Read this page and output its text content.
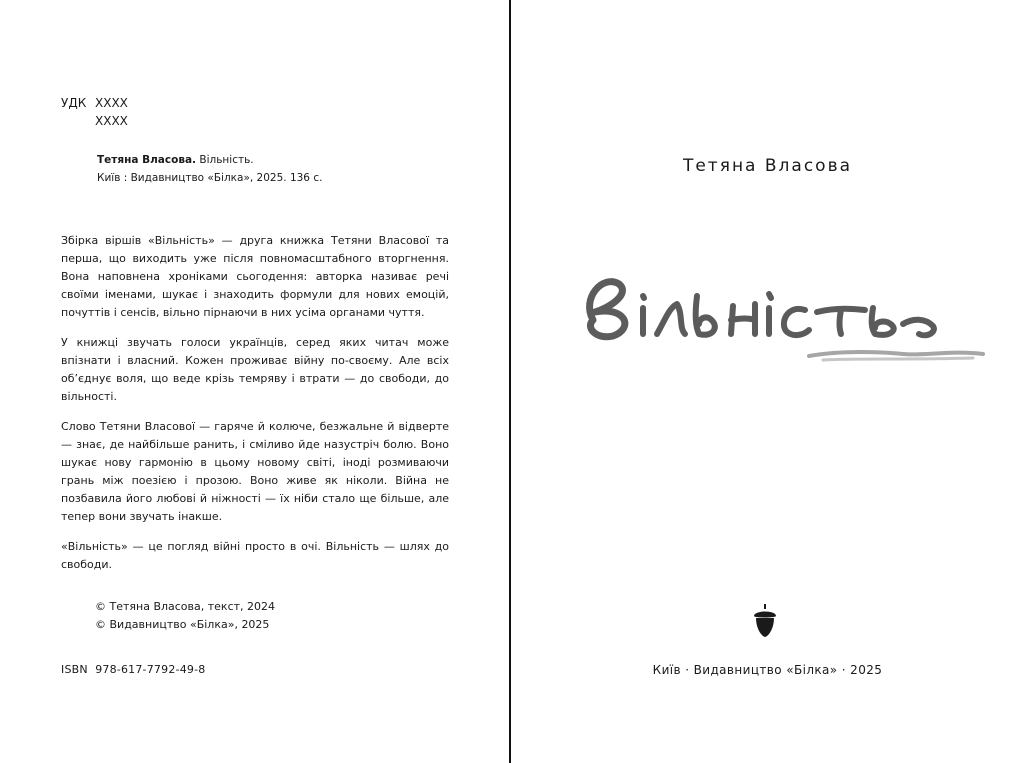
УДК XXXX
XXXX
Тетяна Власова. Вільність.
Київ : Видавництво «Білка», 2025. 136 с.

Збірка віршів «Вільність» — друга книжка Тетяни Власової та перша, що виходить уже після повномасштабного вторгнення. Вона наповнена хроніками сьогодення: авторка називає речі своїми іменами, шукає і знаходить формули для нових емоцій, почуттів і сенсів, вільно пірнаючи в них усіма органами чуття.

У книжці звучать голоси українців, серед яких читач може впізнати і власний. Кожен проживає війну по-своєму. Але всіх об’єднує воля, що веде крізь темряву і втрати — до свободи, до вільності.

Слово Тетяни Власової — гаряче й колюче, безжальне й відверте — знає, де найбільше ранить, і сміливо йде назустріч болю. Воно шукає нову гармонію в цьому новому світі, іноді розмиваючи грань між поезією і прозою. Воно живе як ніколи. Війна не позбавила його любові й ніжності — їх ніби стало ще більше, але тепер вони звучать інакше.

«Вільність» — це погляд війні просто в очі. Вільність — шлях до свободи.

© Тетяна Власова, текст, 2024
© Видавництво «Білка», 2025
ISBN  978-617-7792-49-8
Тетяна Власова
Київ · Видавництво «Білка» · 2025
